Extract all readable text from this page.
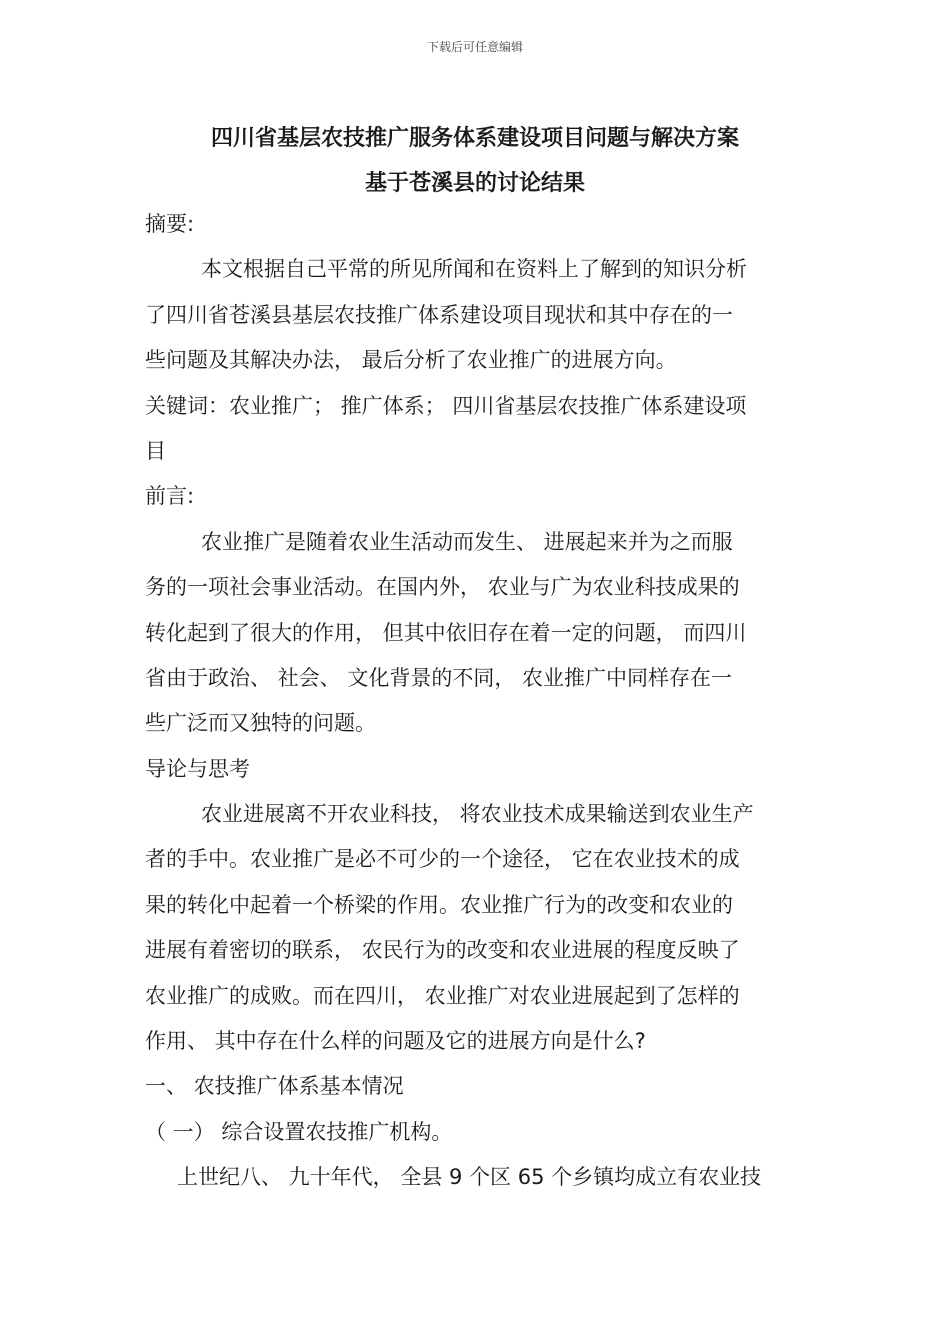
下载后可任意编辑
四川省基层农技推广服务体系建设项目问题与解决方案
基于苍溪县的讨论结果
摘要:
本文根据自己平常的所见所闻和在资料上了解到的知识分析
了四川省苍溪县基层农技推广体系建设项目现状和其中存在的一
些问题及其解决办法， 最后分析了农业推广的进展方向。
关键词：农业推广； 推广体系； 四川省基层农技推广体系建设项
目
前言:
农业推广是随着农业生活动而发生、 进展起来并为之而服
务的一项社会事业活动。在国内外， 农业与广为农业科技成果的
转化起到了很大的作用， 但其中依旧存在着一定的问题， 而四川
省由于政治、 社会、 文化背景的不同， 农业推广中同样存在一
些广泛而又独特的问题。
导论与思考
农业进展离不开农业科技， 将农业技术成果输送到农业生产
者的手中。农业推广是必不可少的一个途径， 它在农业技术的成
果的转化中起着一个桥梁的作用。农业推广行为的改变和农业的
进展有着密切的联系， 农民行为的改变和农业进展的程度反映了
农业推广的成败。而在四川， 农业推广对农业进展起到了怎样的
作用、 其中存在什么样的问题及它的进展方向是什么?
一、 农技推广体系基本情况
（ 一） 综合设置农技推广机构。
上世纪八、 九十年代， 全县 9 个区 65 个乡镇均成立有农业技
